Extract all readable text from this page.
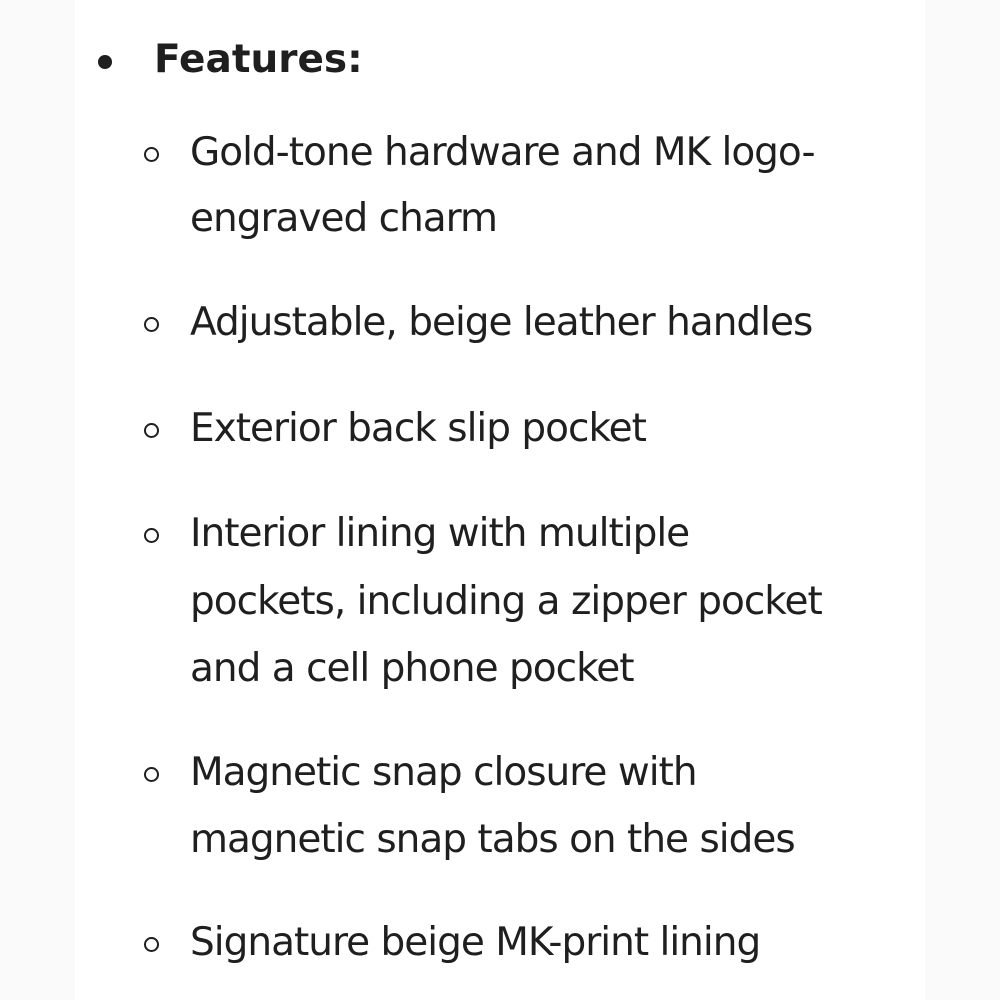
Features:
Gold-tone hardware and MK logo-
engraved charm
Adjustable, beige leather handles
Exterior back slip pocket
Interior lining with multiple
pockets, including a zipper pocket
and a cell phone pocket
Magnetic snap closure with
magnetic snap tabs on the sides
Signature beige MK-print lining
